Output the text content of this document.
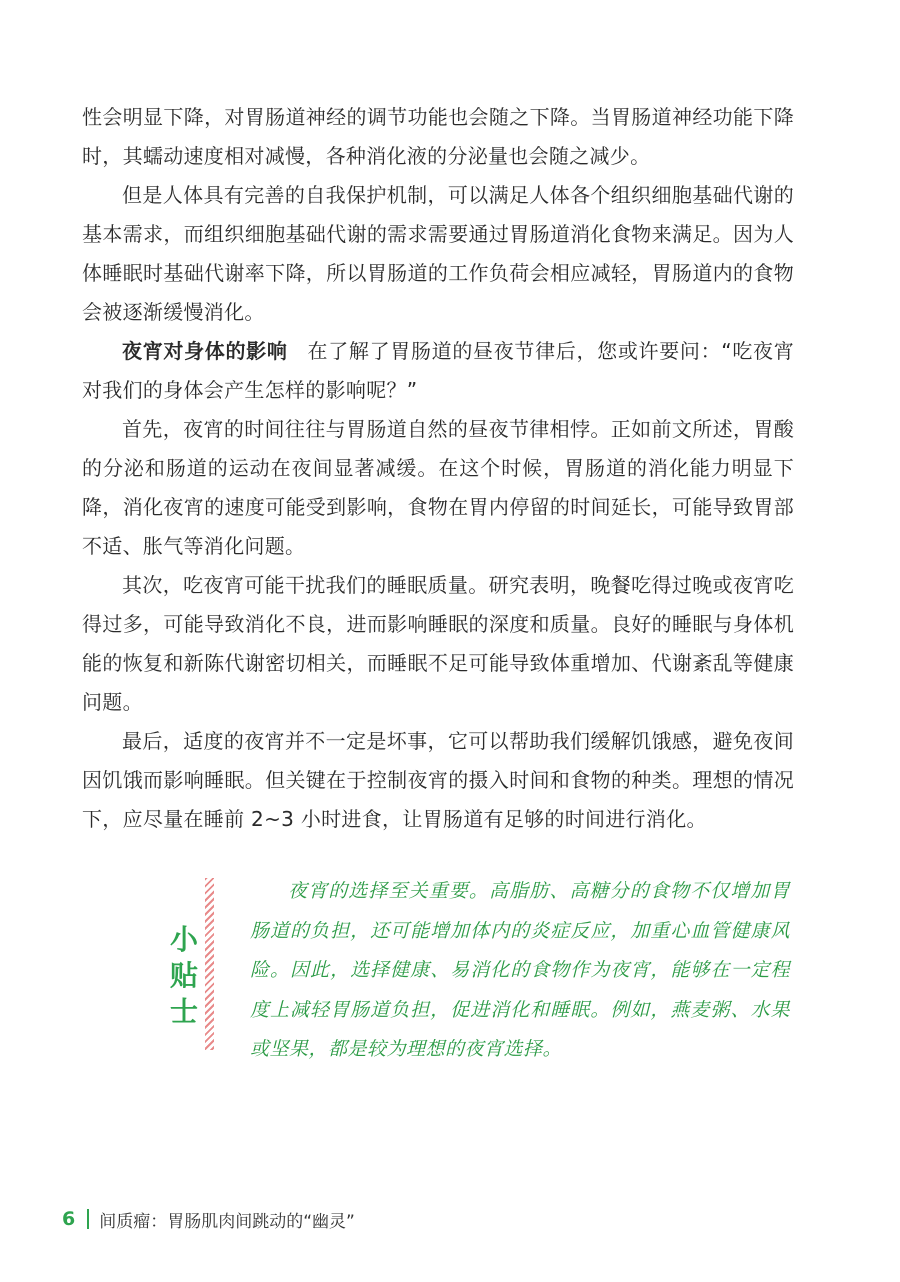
性会明显下降，对胃肠道神经的调节功能也会随之下降。当胃肠道神经功能下降时，其蠕动速度相对减慢，各种消化液的分泌量也会随之减少。

但是人体具有完善的自我保护机制，可以满足人体各个组织细胞基础代谢的基本需求，而组织细胞基础代谢的需求需要通过胃肠道消化食物来满足。因为人体睡眠时基础代谢率下降，所以胃肠道的工作负荷会相应减轻，胃肠道内的食物会被逐渐缓慢消化。

夜宵对身体的影响 在了解了胃肠道的昼夜节律后，您或许要问：“吃夜宵对我们的身体会产生怎样的影响呢？”

首先，夜宵的时间往往与胃肠道自然的昼夜节律相悖。正如前文所述，胃酸的分泌和肠道的运动在夜间显著减缓。在这个时候，胃肠道的消化能力明显下降，消化夜宵的速度可能受到影响，食物在胃内停留的时间延长，可能导致胃部不适、胀气等消化问题。

其次，吃夜宵可能干扰我们的睡眠质量。研究表明，晚餐吃得过晚或夜宵吃得过多，可能导致消化不良，进而影响睡眠的深度和质量。良好的睡眠与身体机能的恢复和新陈代谢密切相关，而睡眠不足可能导致体重增加、代谢紊乱等健康问题。

最后，适度的夜宵并不一定是坏事，它可以帮助我们缓解饥饿感，避免夜间因饥饿而影响睡眠。但关键在于控制夜宵的摄入时间和食物的种类。理想的情况下，应尽量在睡前 2~3 小时进食，让胃肠道有足够的时间进行消化。

小贴士
夜宵的选择至关重要。高脂肪、高糖分的食物不仅增加胃肠道的负担，还可能增加体内的炎症反应，加重心血管健康风险。因此，选择健康、易消化的食物作为夜宵，能够在一定程度上减轻胃肠道负担，促进消化和睡眠。例如，燕麦粥、水果或坚果，都是较为理想的夜宵选择。
6 间质瘤：胃肠肌肉间跳动的“幽灵”
